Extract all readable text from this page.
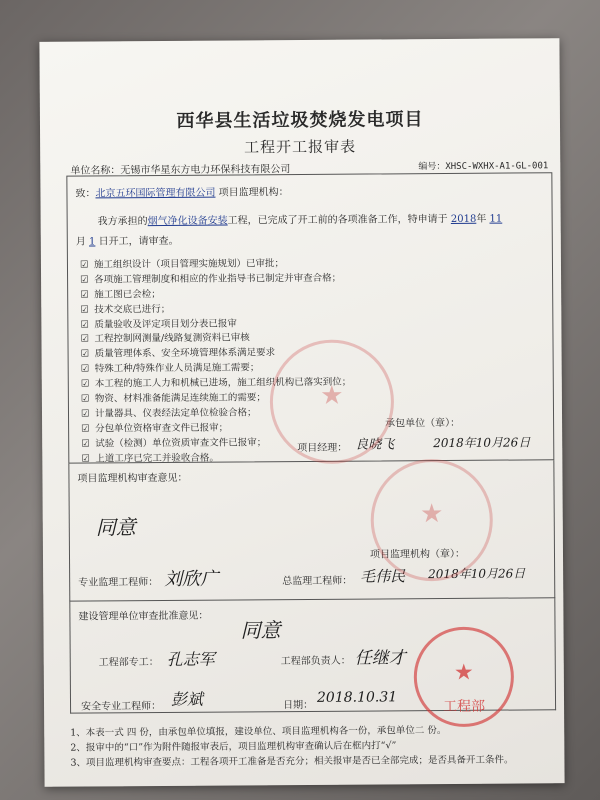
西华县生活垃圾焚烧发电项目
工程开工报审表
单位名称：无锡市华星东方电力环保科技有限公司	编号：XHSC-WXHX-A1-GL-001
致：北京五环国际管理有限公司 项目监理机构：
我方承担的烟气净化设备安装工程，已完成了开工前的各项准备工作，特申请于 2018年 11
月 1 日开工，请审查。
☑ 施工组织设计（项目管理实施规划）已审批；
☑ 各项施工管理制度和相应的作业指导书已制定并审查合格；
☑ 施工图已会检；
☑ 技术交底已进行；
☑ 质量验收及评定项目划分表已报审
☑ 工程控制网测量/线路复测资料已审核
☑ 质量管理体系、安全环境管理体系满足要求
☑ 特殊工种/特殊作业人员满足施工需要；
☑ 本工程的施工人力和机械已进场，施工组织机构已落实到位；
☑ 物资、材料准备能满足连续施工的需要；
☑ 计量器具、仪表经法定单位检验合格；
☑ 分包单位资格审查文件已报审；
☑ 试验（检测）单位资质审查文件已报审；
☑ 上道工序已完工并验收合格。
承包单位（章）：
项目经理： 良晓飞	2018年10月26日
项目监理机构审查意见：
同意
项目监理机构（章）：
专业监理工程师： 刘欣广	总监理工程师： 毛伟民 2018年10月26日
建设管理单位审查批准意见：
同意
工程部专工： 孔志军	工程部负责人： 任继才
安全专业工程师： 彭斌	日期： 2018.10.31
★
★
★
工程部
1、本表一式 四 份，由承包单位填报，建设单位、项目监理机构各一份，承包单位二 份。
2、报审中的“口”作为附件随报审表后，项目监理机构审查确认后在框内打“√”
3、项目监理机构审查要点：工程各项开工准备是否充分；相关报审是否已全部完成；是否具备开工条件。
